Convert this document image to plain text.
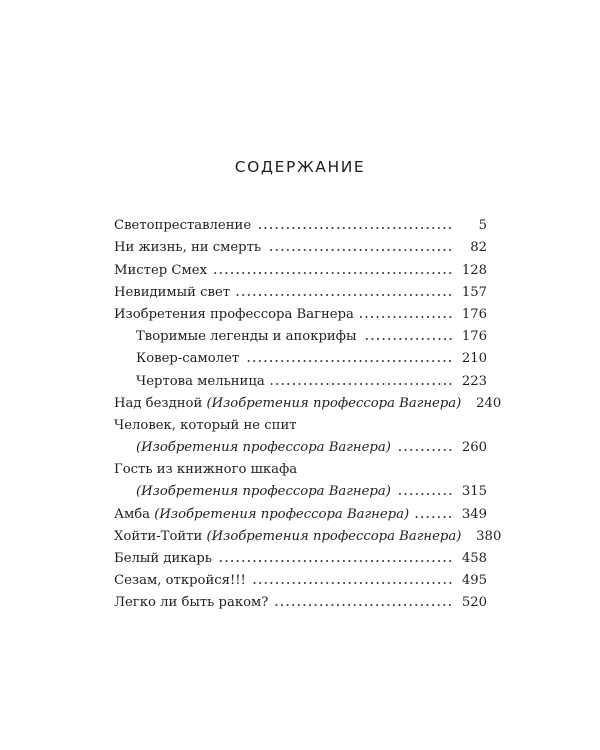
СОДЕРЖАНИЕ
Светопреставление	5
Ни жизнь, ни смерть	82
Мистер Смех	128
Невидимый свет	157
Изобретения профессора Вагнера	176
Творимые легенды и апокрифы	176
Ковер-самолет	210
Чертова мельница	223
Над бездной (Изобретения профессора Вагнера) 240
Человек, который не спит
(Изобретения профессора Вагнера)	260
Гость из книжного шкафа
(Изобретения профессора Вагнера)	315
Амба (Изобретения профессора Вагнера)	349
Хойти-Тойти (Изобретения профессора Вагнера) 380
Белый дикарь	458
Сезам, откройся!!!	495
Легко ли быть раком?	520
